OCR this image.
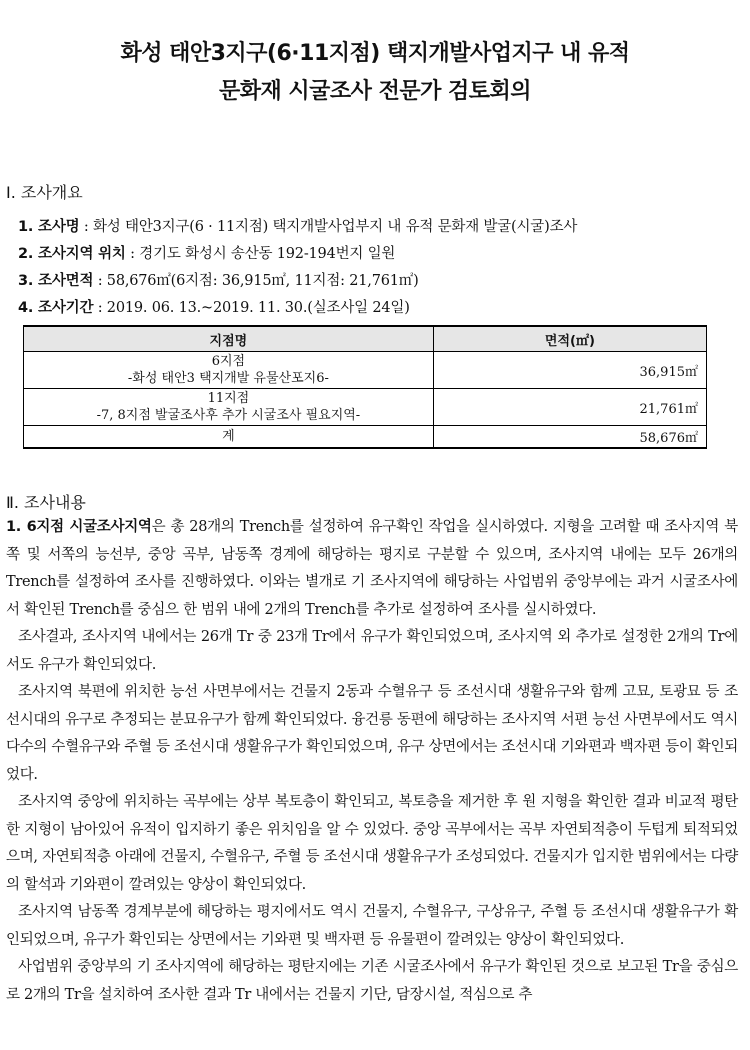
화성 태안3지구(6·11지점) 택지개발사업지구 내 유적
문화재 시굴조사 전문가 검토회의
Ⅰ. 조사개요
1. 조사명 : 화성 태안3지구(6 · 11지점) 택지개발사업부지 내 유적 문화재 발굴(시굴)조사
2. 조사지역 위치 : 경기도 화성시 송산동 192-194번지 일원
3. 조사면적 : 58,676㎡(6지점: 36,915㎡, 11지점: 21,761㎡)
4. 조사기간 : 2019. 06. 13.~2019. 11. 30.(실조사일 24일)
지점명	면적(㎡)

6지점
-화성 태안3 택지개발 유물산포지6-	36,915㎡

11지점
-7, 8지점 발굴조사후 추가 시굴조사 필요지역-	21,761㎡
계	58,676㎡
Ⅱ. 조사내용

1. 6지점 시굴조사지역은 총 28개의 Trench를 설정하여 유구확인 작업을 실시하였다. 지형을 고려할 때 조사지역 북쪽 및 서쪽의 능선부, 중앙 곡부, 남동쪽 경계에 해당하는 평지로 구분할 수 있으며, 조사지역 내에는 모두 26개의 Trench를 설정하여 조사를 진행하였다. 이와는 별개로 기 조사지역에 해당하는 사업범위 중앙부에는 과거 시굴조사에서 확인된 Trench를 중심으 한 범위 내에 2개의 Trench를 추가로 설정하여 조사를 실시하였다.

조사결과, 조사지역 내에서는 26개 Tr 중 23개 Tr에서 유구가 확인되었으며, 조사지역 외 추가로 설정한 2개의 Tr에서도 유구가 확인되었다.

조사지역 북편에 위치한 능선 사면부에서는 건물지 2동과 수혈유구 등 조선시대 생활유구와 함께 고묘, 토광묘 등 조선시대의 유구로 추정되는 분묘유구가 함께 확인되었다. 융건릉 동편에 해당하는 조사지역 서편 능선 사면부에서도 역시 다수의 수혈유구와 주혈 등 조선시대 생활유구가 확인되었으며, 유구 상면에서는 조선시대 기와편과 백자편 등이 확인되었다.

조사지역 중앙에 위치하는 곡부에는 상부 복토층이 확인되고, 복토층을 제거한 후 원 지형을 확인한 결과 비교적 평탄한 지형이 남아있어 유적이 입지하기 좋은 위치임을 알 수 있었다. 중앙 곡부에서는 곡부 자연퇴적층이 두텁게 퇴적되었으며, 자연퇴적층 아래에 건물지, 수혈유구, 주혈 등 조선시대 생활유구가 조성되었다. 건물지가 입지한 범위에서는 다량의 할석과 기와편이 깔려있는 양상이 확인되었다.

조사지역 남동쪽 경계부분에 해당하는 평지에서도 역시 건물지, 수혈유구, 구상유구, 주혈 등 조선시대 생활유구가 확인되었으며, 유구가 확인되는 상면에서는 기와편 및 백자편 등 유물편이 깔려있는 양상이 확인되었다.

사업범위 중앙부의 기 조사지역에 해당하는 평탄지에는 기존 시굴조사에서 유구가 확인된 것으로 보고된 Tr을 중심으로 2개의 Tr을 설치하여 조사한 결과 Tr 내에서는 건물지 기단, 담장시설, 적심으로 추
